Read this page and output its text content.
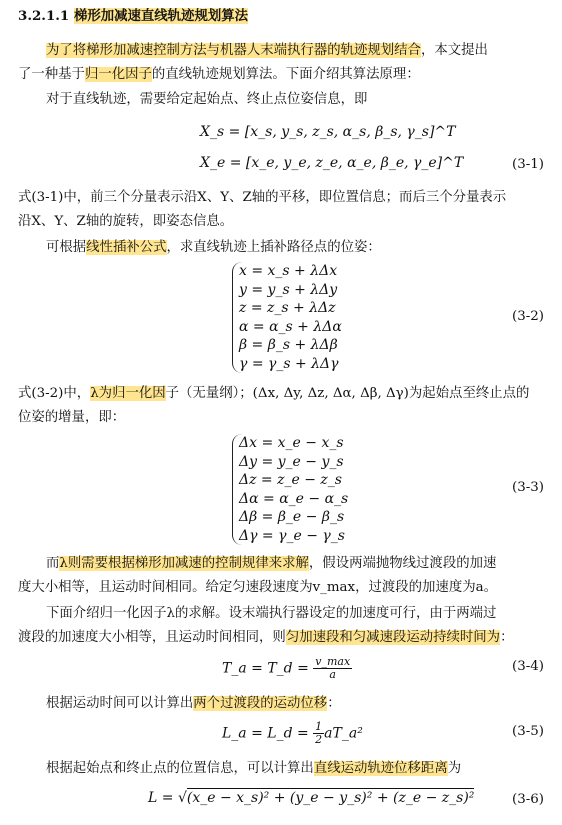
3.2.1.1 梯形加减速直线轨迹规划算法
为了将梯形加减速控制方法与机器人末端执行器的轨迹规划结合，本文提出
了一种基于归一化因子的直线轨迹规划算法。下面介绍其算法原理：
对于直线轨迹，需要给定起始点、终止点位姿信息，即
X_s = [x_s, y_s, z_s, α_s, β_s, γ_s]^T
X_e = [x_e, y_e, z_e, α_e, β_e, γ_e]^T	(3-1)
式(3-1)中，前三个分量表示沿X、Y、Z轴的平移，即位置信息；而后三个分量表示
沿X、Y、Z轴的旋转，即姿态信息。
可根据线性插补公式，求直线轨迹上插补路径点的位姿：
x = x_s + λΔx
y = y_s + λΔy
z = z_s + λΔz
α = α_s + λΔα
β = β_s + λΔβ
γ = γ_s + λΔγ
(3-2)
式(3-2)中，λ为归一化因子（无量纲）；(Δx, Δy, Δz, Δα, Δβ, Δγ)为起始点至终止点的
位姿的增量，即：
Δx = x_e − x_s
Δy = y_e − y_s
Δz = z_e − z_s
Δα = α_e − α_s
Δβ = β_e − β_s
Δγ = γ_e − γ_s
(3-3)
而λ则需要根据梯形加减速的控制规律来求解，假设两端抛物线过渡段的加速
度大小相等，且运动时间相同。给定匀速段速度为v_max，过渡段的加速度为a。
下面介绍归一化因子λ的求解。设末端执行器设定的加速度可行，由于两端过
渡段的加速度大小相等，且运动时间相同，则匀加速段和匀减速段运动持续时间为：
T_a = T_d = $\frac{v\_\max}{a}$	(3-4)
根据运动时间可以计算出两个过渡段的运动位移：
L_a = L_d = $\frac{1}{2}$ aT_a²	(3-5)
根据起始点和终止点的位置信息，可以计算出直线运动轨迹位移距离为
L = √(x_e − x_s)² + (y_e − y_s)² + (z_e − z_s)²	(3-6)
